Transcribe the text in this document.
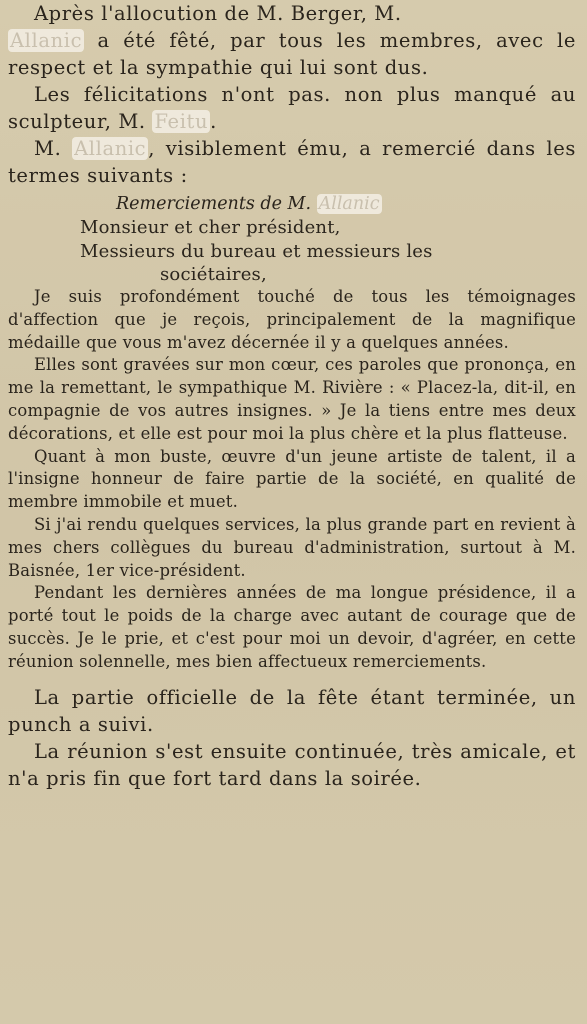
Après l'allocution de M. Berger, M.
Allanic a été fêté, par tous les membres, avec le respect et la sympathie qui lui sont dus.

Les félicitations n'ont pas. non plus manqué au sculpteur, M. Feitu .

M. Allanic , visiblement ému, a remercié dans les termes suivants :

Remerciements de M. Allanic

Monsieur et cher président,

Messieurs du bureau et messieurs les

sociétaires,

Je suis profondément touché de tous les témoignages d'affection que je reçois, principalement de la magnifique médaille que vous m'avez décernée il y a quelques années.

Elles sont gravées sur mon cœur, ces paroles que prononça, en me la remettant, le sympathique M. Rivière : « Placez-la, dit-il, en compagnie de vos autres insignes. » Je la tiens entre mes deux décorations, et elle est pour moi la plus chère et la plus flatteuse.

Quant à mon buste, œuvre d'un jeune artiste de talent, il a l'insigne honneur de faire partie de la société, en qualité de membre immobile et muet.

Si j'ai rendu quelques services, la plus grande part en revient à mes chers collègues du bureau d'administration, surtout à M. Baisnée, 1er vice-président.

Pendant les dernières années de ma longue présidence, il a porté tout le poids de la charge avec autant de courage que de succès. Je le prie, et c'est pour moi un devoir, d'agréer, en cette réunion solennelle, mes bien affectueux remerciements.

La partie officielle de la fête étant terminée, un punch a suivi.

La réunion s'est ensuite continuée, très amicale, et n'a pris fin que fort tard dans la soirée.
